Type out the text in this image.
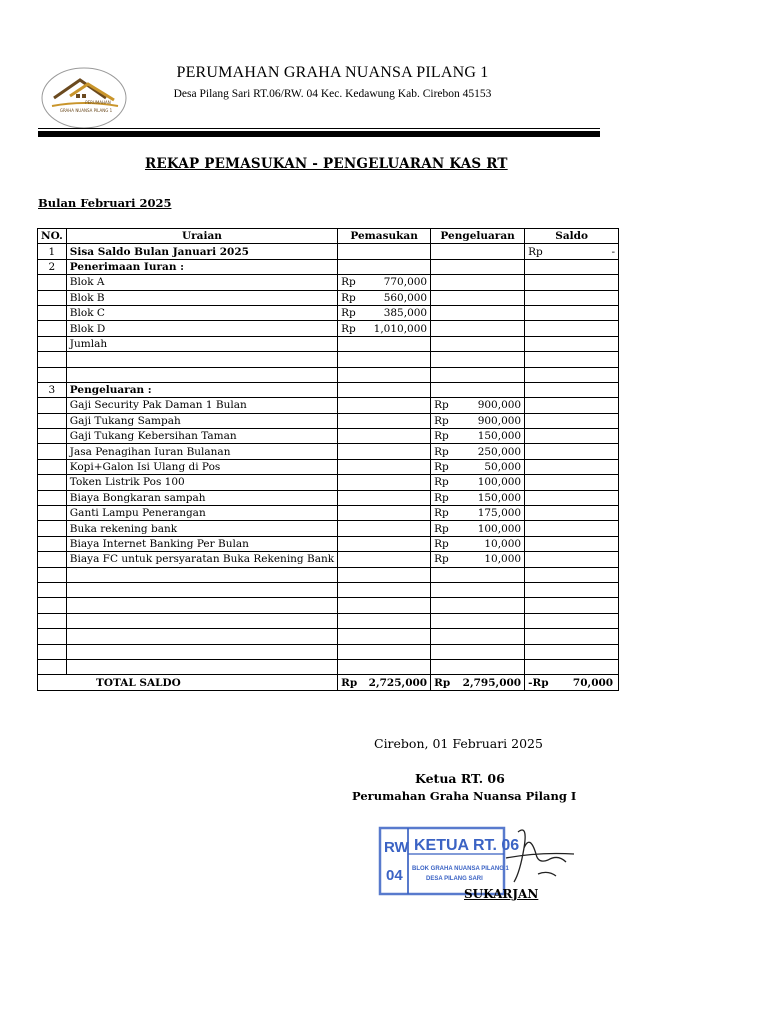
PERUMAHAN
GRAHA NUANSA PILANG 1
PERUMAHAN GRAHA NUANSA PILANG 1
Desa Pilang Sari RT.06/RW. 04 Kec. Kedawung Kab. Cirebon 45153
REKAP PEMASUKAN - PENGELUARAN KAS RT
Bulan Februari 2025
NO.	Uraian	Pemasukan	Pengeluaran	Saldo
1	Sisa Saldo Bulan Januari 2025			Rp -

2	Penerimaan Iuran :			
	Blok A	Rp 770,000		

	Blok B	Rp 560,000		

	Blok C	Rp 385,000		

	Blok D	Rp 1,010,000		

	Jumlah			

3	Pengeluaran :			
	Gaji Security Pak Daman 1 Bulan		Rp 900,000	

	Gaji Tukang Sampah		Rp 900,000	

	Gaji Tukang Kebersihan Taman		Rp 150,000	

	Jasa Penagihan Iuran Bulanan		Rp 250,000	

	Kopi+Galon Isi Ulang di Pos		Rp 50,000	

	Token Listrik Pos 100		Rp 100,000	

	Biaya Bongkaran sampah		Rp 150,000	

	Ganti Lampu Penerangan		Rp 175,000	

	Buka rekening bank		Rp 100,000	

	Biaya Internet Banking Per Bulan		Rp 10,000	

	Biaya FC untuk persyaratan Buka Rekening Bank		Rp 10,000	

TOTAL SALDO		Rp 2,725,000	Rp 2,795,000	-Rp 70,000
Cirebon, 01 Februari 2025
Ketua RT. 06
Perumahan Graha Nuansa Pilang I
RW
04
KETUA RT. 06
BLOK GRAHA NUANSA PILANG 1
DESA PILANG SARI
SUKARJAN
